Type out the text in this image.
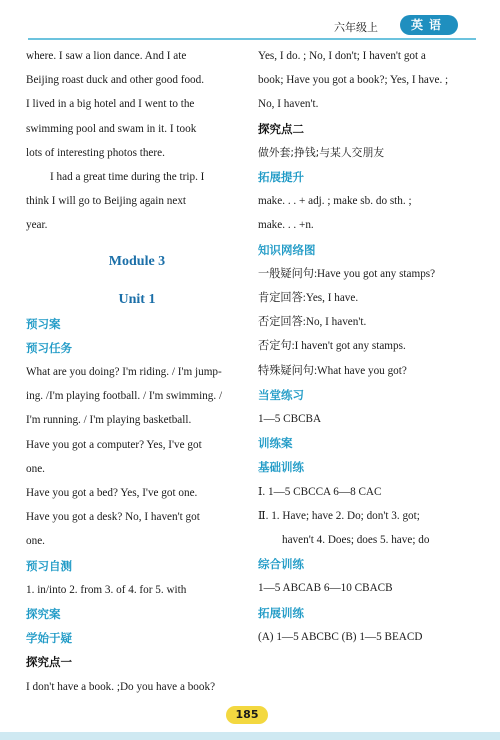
六年级上	英语
where. I saw a lion dance. And I ate
Beijing roast duck and other good food.
I lived in a big hotel and I went to the
swimming pool and swam in it. I took
lots of interesting photos there.
I had a great time during the trip. I
think I will go to Beijing again next
year.
Module 3
Unit 1
预习案
预习任务
What are you doing? I'm riding. / I'm jump-
ing. /I'm playing football. / I'm swimming. /
I'm running. / I'm playing basketball.
Have you got a computer? Yes, I've got
one.
Have you got a bed? Yes, I've got one.
Have you got a desk? No, I haven't got
one.
预习自测
1. in/into 2. from 3. of 4. for 5. with
探究案
学始于疑
探究点一
I don't have a book. ;Do you have a book?
Yes, I do. ; No, I don't; I haven't got a
book; Have you got a book?; Yes, I have. ;
No, I haven't.
探究点二
做外套;挣钱;与某人交朋友
拓展提升
make. . . + adj. ; make sb. do sth. ;
make. . . +n.
知识网络图
一般疑问句:Have you got any stamps?
肯定回答:Yes, I have.
否定回答:No, I haven't.
否定句:I haven't got any stamps.
特殊疑问句:What have you got?
当堂练习
1—5 CBCBA
训练案
基础训练
Ⅰ. 1—5 CBCCA 6—8 CAC
Ⅱ. 1. Have; have 2. Do; don't 3. got;
haven't 4. Does; does 5. have; do
综合训练
1—5 ABCAB 6—10 CBACB
拓展训练
(A) 1—5 ABCBC (B) 1—5 BEACD
185
